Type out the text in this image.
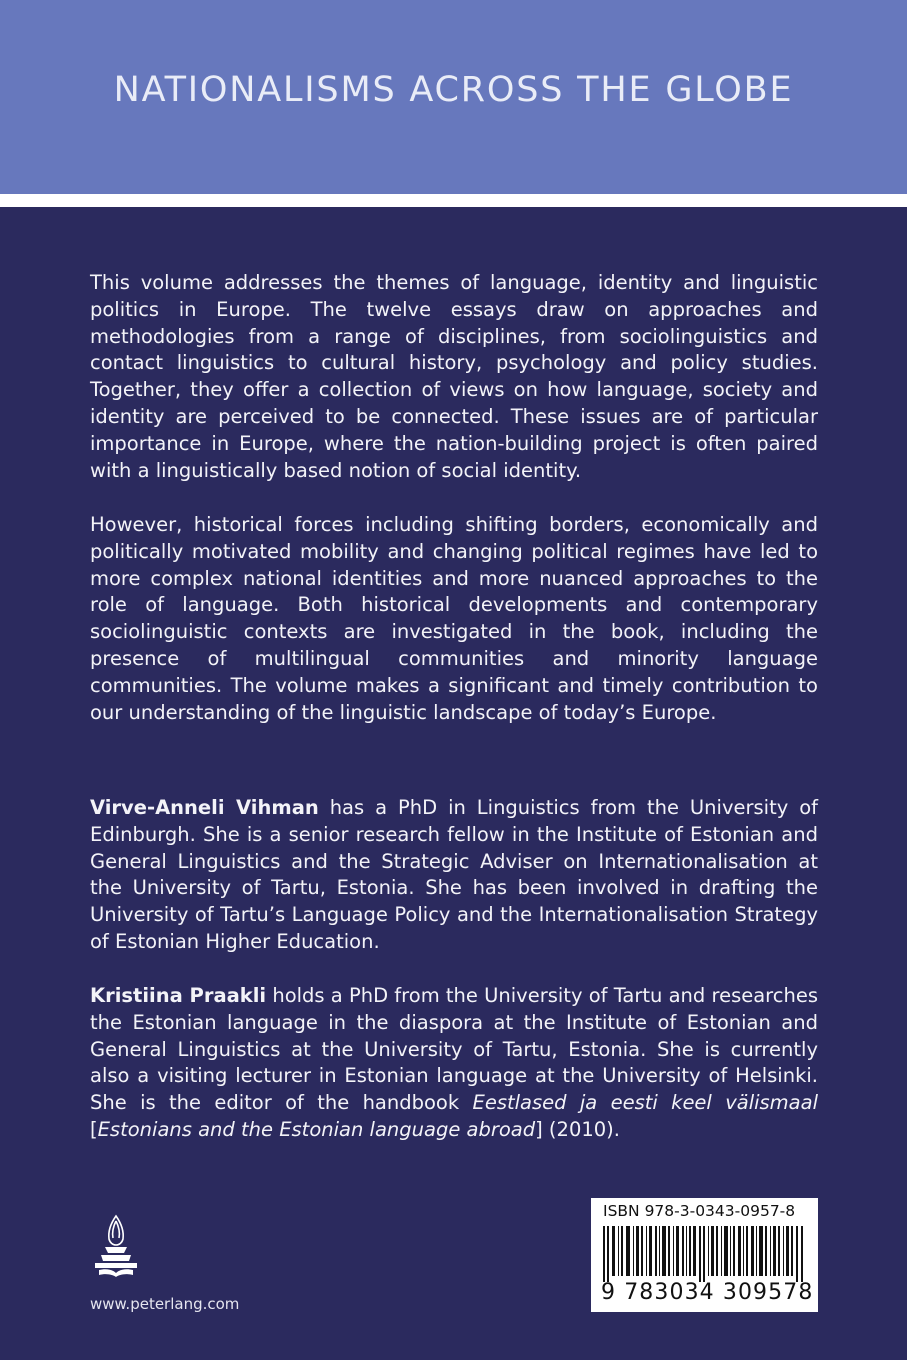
NATIONALISMS ACROSS THE GLOBE

This volume addresses the themes of language, identity and linguistic politics in Europe. The twelve essays draw on approaches and methodologies from a range of disciplines, from sociolinguistics and contact linguistics to cultural history, psychology and policy studies. Together, they offer a collection of views on how language, society and identity are perceived to be connected. These issues are of particular importance in Europe, where the nation-building project is often paired with a linguistically based notion of social identity.

However, historical forces including shifting borders, economically and politically motivated mobility and changing political regimes have led to more complex national identities and more nuanced approaches to the role of language. Both historical developments and contemporary sociolinguistic contexts are investigated in the book, including the presence of multilingual communities and minority language communities. The volume makes a significant and timely contribution to our understanding of the linguistic landscape of today’s Europe.

Virve-Anneli Vihman has a PhD in Linguistics from the University of Edinburgh. She is a senior research fellow in the Institute of Estonian and General Linguistics and the Strategic Adviser on Internationalisation at the University of Tartu, Estonia. She has been involved in drafting the University of Tartu’s Language Policy and the Internationalisation Strategy of Estonian Higher Education.

Kristiina Praakli holds a PhD from the University of Tartu and researches the Estonian language in the diaspora at the Institute of Estonian and General Linguistics at the University of Tartu, Estonia. She is currently also a visiting lecturer in Estonian language at the University of Helsinki. She is the editor of the handbook Eestlased ja eesti keel välismaal [Estonians and the Estonian language abroad] (2010).

www.peterlang.com
ISBN 978-3-0343-0957-8
9 783034 309578
